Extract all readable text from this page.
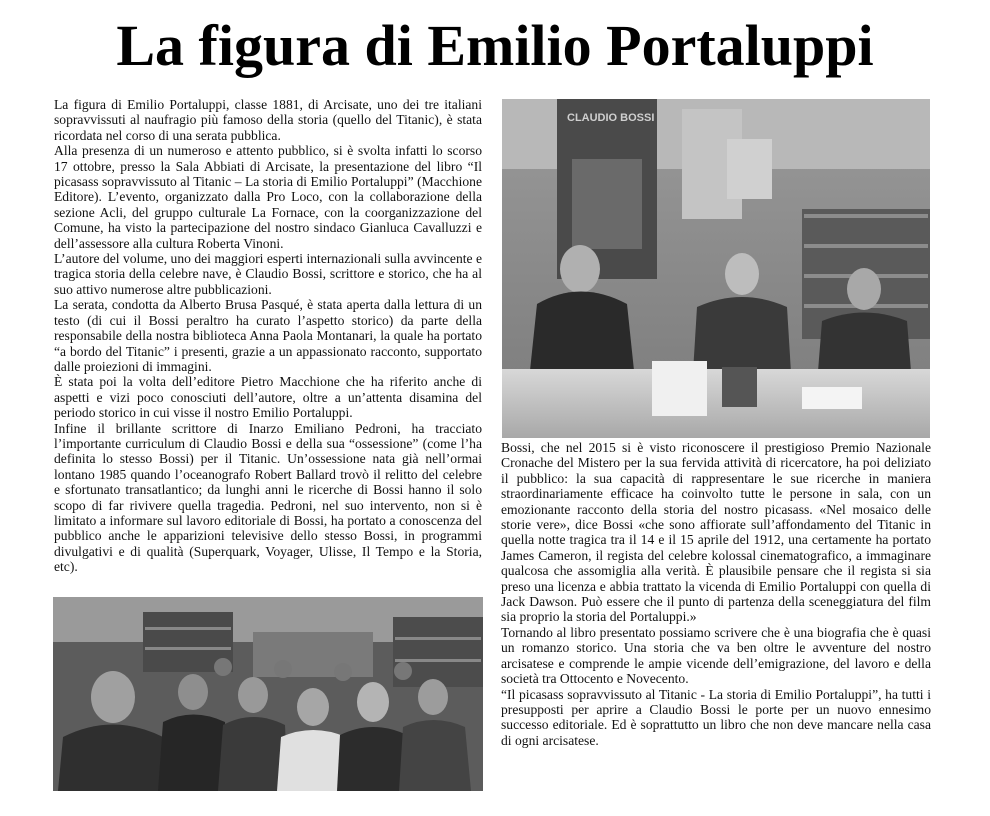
La figura di Emilio Portaluppi

La figura di Emilio Portaluppi, classe 1881, di Arcisate, uno dei tre italiani sopravvissuti al naufragio più famoso della storia (quello del Titanic), è stata ricordata nel corso di una serata pubblica.

Alla presenza di un numeroso e attento pubblico, si è svolta infatti lo scorso 17 ottobre, presso la Sala Abbiati di Arcisate, la presentazione del libro “Il picasass sopravvissuto al Titanic – La storia di Emilio Portaluppi” (Macchione Editore). L’evento, organizzato dalla Pro Loco, con la collaborazione della sezione Acli, del gruppo culturale La Fornace, con la coorganizzazione del Comune, ha visto la partecipazione del nostro sindaco Gianluca Cavalluzzi e dell’assessore alla cultura Roberta Vinoni.

L’autore del volume, uno dei maggiori esperti internazionali sulla avvincente e tragica storia della celebre nave, è Claudio Bossi, scrittore e storico, che ha al suo attivo numerose altre pubblicazioni.

La serata, condotta da Alberto Brusa Pasqué, è stata aperta dalla lettura di un testo (di cui il Bossi peraltro ha curato l’aspetto storico) da parte della responsabile della nostra biblioteca Anna Paola Montanari, la quale ha portato “a bordo del Titanic” i presenti, grazie a un appassionato racconto, supportato dalle proiezioni di immagini.

È stata poi la volta dell’editore Pietro Macchione che ha riferito anche di aspetti e vizi poco conosciuti dell’autore, oltre a un’attenta disamina del periodo storico in cui visse il nostro Emilio Portaluppi.

Infine il brillante scrittore di Inarzo Emiliano Pedroni, ha tracciato l’importante curriculum di Claudio Bossi e della sua “ossessione” (come l’ha definita lo stesso Bossi) per il Titanic. Un’ossessione nata già nell’ormai lontano 1985 quando l’oceanografo Robert Ballard trovò il relitto del celebre e sfortunato transatlantico; da lunghi anni le ricerche di Bossi hanno il solo scopo di far rivivere quella tragedia. Pedroni, nel suo intervento, non si è limitato a informare sul lavoro editoriale di Bossi, ha portato a conoscenza del pubblico anche le apparizioni televisive dello stesso Bossi, in programmi divulgativi e di qualità (Superquark, Voyager, Ulisse, Il Tempo e la Storia, etc).

CLAUDIO BOSSI

Bossi, che nel 2015 si è visto riconoscere il prestigioso Premio Nazionale Cronache del Mistero per la sua fervida attività di ricercatore, ha poi deliziato il pubblico: la sua capacità di rappresentare le sue ricerche in maniera straordinariamente efficace ha coinvolto tutte le persone in sala, con un emozionante racconto della storia del nostro picasass. «Nel mosaico delle storie vere», dice Bossi «che sono affiorate sull’affondamento del Titanic in quella notte tragica tra il 14 e il 15 aprile del 1912, una certamente ha portato James Cameron, il regista del celebre kolossal cinematografico, a immaginare qualcosa che assomiglia alla verità. È plausibile pensare che il regista si sia preso una licenza e abbia trattato la vicenda di Emilio Portaluppi con quella di Jack Dawson. Può essere che il punto di partenza della sceneggiatura del film sia proprio la storia del Portaluppi.»

Tornando al libro presentato possiamo scrivere che è una biografia che è quasi un romanzo storico. Una storia che va ben oltre le avventure del nostro arcisatese e comprende le ampie vicende dell’emigrazione, del lavoro e della società tra Ottocento e Novecento.

“Il picasass sopravvissuto al Titanic - La storia di Emilio Portaluppi”, ha tutti i presupposti per aprire a Claudio Bossi le porte per un nuovo ennesimo successo editoriale. Ed è soprattutto un libro che non deve mancare nella casa di ogni arcisatese.
